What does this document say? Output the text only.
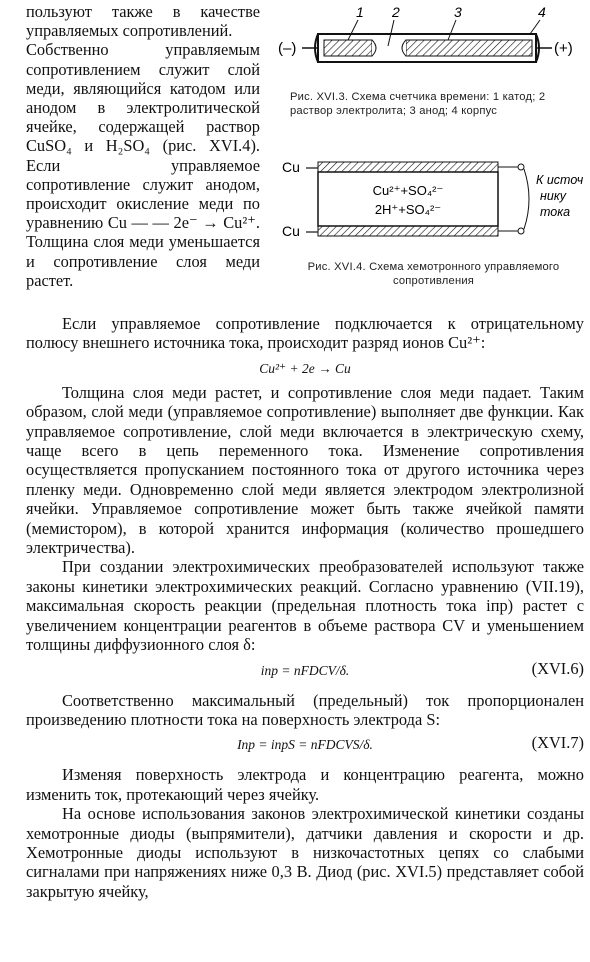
пользуют также в качестве управляемых сопротивлений.

Собственно управляемым сопротивлением служит слой меди, являющийся катодом или анодом в электролитической ячейке, содержащей раствор CuSO₄ и H₂SO₄ (рис. XVI.4). Если управляемое сопротивление служит анодом, происходит окисление меди по уравнению Cu — — 2e⁻ → Cu²⁺. Толщина слоя меди уменьшается и сопротивление слоя меди растет.

(–)	(+)
1 2	3	4
Рис. XVI.3. Схема счетчика времени: 1 катод; 2 раствор электролита; 3 анод; 4 корпус
Cu
Cu
Cu²⁺+SO₄²⁻
2H⁺+SO₄²⁻
К источ-
нику
тока
Рис. XVI.4. Схема хемотронного управляемого сопротивления

Если управляемое сопротивление подключается к отрицательному полюсу внешнего источника тока, происходит разряд ионов Cu²⁺:

Cu²⁺ + 2e → Cu

Толщина слоя меди растет, и сопротивление слоя меди падает. Таким образом, слой меди (управляемое сопротивление) выполняет две функции. Как управляемое сопротивление, слой меди включается в электрическую схему, чаще всего в цепь переменного тока. Изменение сопротивления осуществляется пропусканием постоянного тока от другого источника через пленку меди. Одновременно слой меди является электродом электролизной ячейки. Управляемое сопротивление может быть также ячейкой памяти (мемистором), в которой хранится информация (количество прошедшего электричества).

При создании электрохимических преобразователей используют также законы кинетики электрохимических реакций. Согласно уравнению (VII.19), максимальная скорость реакции (предельная плотность тока iпр) растет с увеличением концентрации реагентов в объеме раствора CV и уменьшением толщины диффузионного слоя δ:

iпр = nFDCV/δ.	(XVI.6)

Соответственно максимальный (предельный) ток пропорционален произведению плотности тока на поверхность электрода S:

Iпр = iпрS = nFDCVS/δ.	(XVI.7)

Изменяя поверхность электрода и концентрацию реагента, можно изменить ток, протекающий через ячейку.

На основе использования законов электрохимической кинетики созданы хемотронные диоды (выпрямители), датчики давления и скорости и др. Хемотронные диоды используют в низкочастотных цепях со слабыми сигналами при напряжениях ниже 0,3 В. Диод (рис. XVI.5) представляет собой закрытую ячейку,
